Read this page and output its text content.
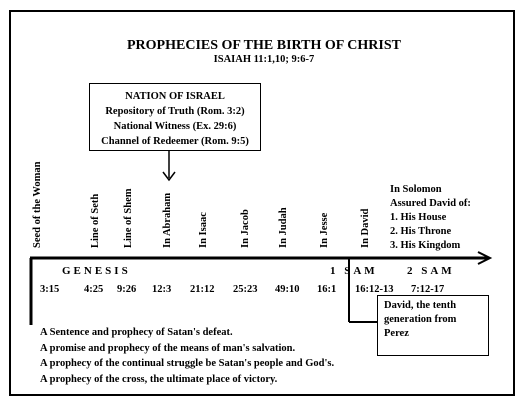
PROPHECIES OF THE BIRTH OF CHRIST
ISAIAH 11:1,10; 9:6-7
NATION OF ISRAEL
Repository of Truth (Rom. 3:2)
National Witness (Ex. 29:6)
Channel of Redeemer (Rom. 9:5)
Seed of the Woman	Line of Seth Line of Shem	In Abraham In Isaac	In Jacob	In Judah	In Jesse	In David
In Solomon
Assured David of:
1. His House
2. His Throne
3. His Kingdom
GENESIS	1 SAM	2 SAM
3:15 4:25 9:26 12:3 21:12 25:23 49:10 16:1 16:12-13 7:12-17
A Sentence and prophecy of Satan's defeat.
A promise and prophecy of the means of man's salvation.
A prophecy of the continual struggle be Satan's people and God's.
A prophecy of the cross, the ultimate place of victory.
David, the tenth
generation from
Perez
